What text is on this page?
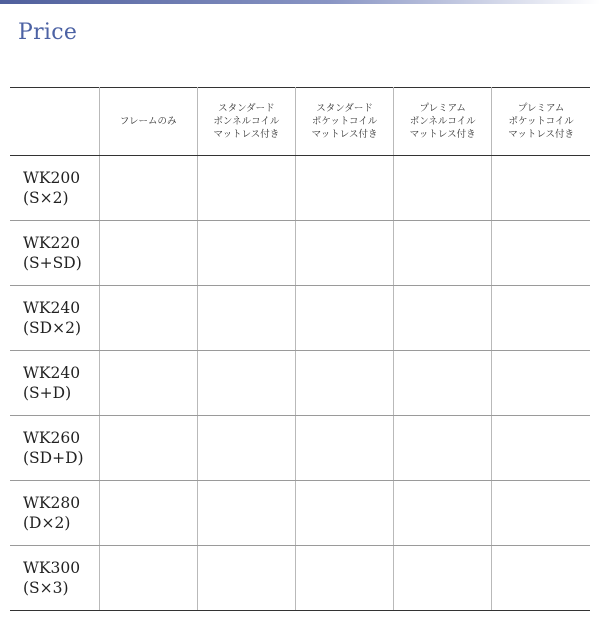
Price

	フレームのみ	スタンダード
ボンネルコイル
マットレス付き	スタンダード
ポケットコイル
マットレス付き	プレミアム
ボンネルコイル
マットレス付き	プレミアム
ポケットコイル
マットレス付き

WK200
(S×2)					

WK220
(S+SD)					

WK240
(SD×2)					

WK240
(S+D)					

WK260
(SD+D)					

WK280
(D×2)					

WK300
(S×3)					
